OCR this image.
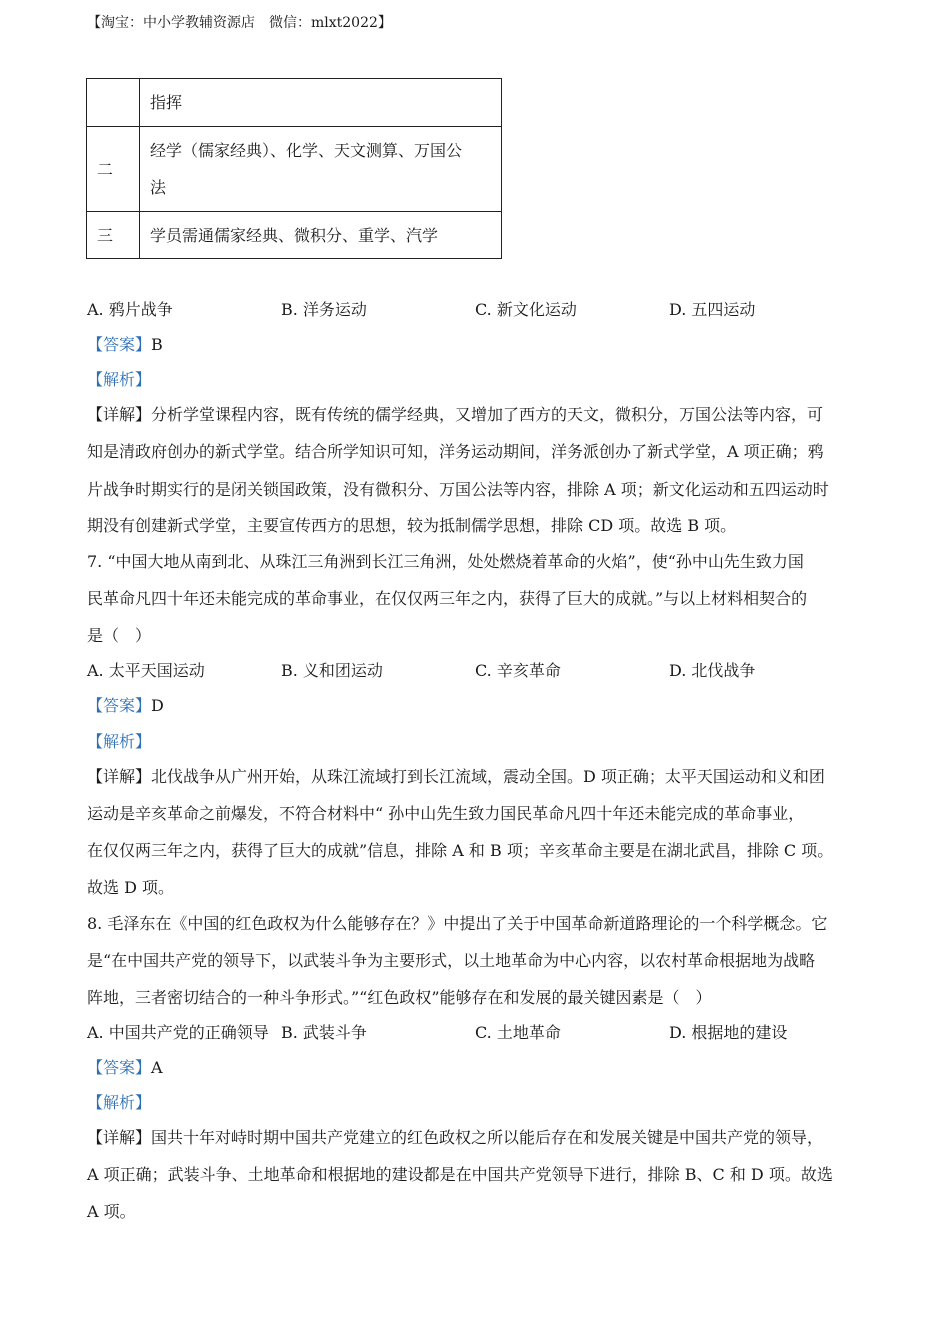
【淘宝：中小学教辅资源店　微信：mlxt2022】
	指挥
二	经学（儒家经典）、化学、天文测算、万国公
法
三	学员需通儒家经典、微积分、重学、汽学
A. 鸦片战争	B. 洋务运动	C. 新文化运动	D. 五四运动
【答案】B
【解析】
【详解】分析学堂课程内容，既有传统的儒学经典，又增加了西方的天文，微积分，万国公法等内容，可
知是清政府创办的新式学堂。结合所学知识可知，洋务运动期间，洋务派创办了新式学堂，A 项正确；鸦
片战争时期实行的是闭关锁国政策，没有微积分、万国公法等内容，排除 A 项；新文化运动和五四运动时
期没有创建新式学堂，主要宣传西方的思想，较为抵制儒学思想，排除 CD 项。故选 B 项。
7. “中国大地从南到北、从珠江三角洲到长江三角洲，处处燃烧着革命的火焰”，使“孙中山先生致力国
民革命凡四十年还未能完成的革命事业，在仅仅两三年之内，获得了巨大的成就。”与以上材料相契合的
是（　）
A. 太平天国运动	B. 义和团运动	C. 辛亥革命	D. 北伐战争
【答案】D
【解析】
【详解】北伐战争从广州开始，从珠江流域打到长江流域，震动全国。D 项正确；太平天国运动和义和团
运动是辛亥革命之前爆发，不符合材料中“ 孙中山先生致力国民革命凡四十年还未能完成的革命事业，
在仅仅两三年之内，获得了巨大的成就”信息，排除 A 和 B 项；辛亥革命主要是在湖北武昌，排除 C 项。
故选 D 项。
8. 毛泽东在《中国的红色政权为什么能够存在？》中提出了关于中国革命新道路理论的一个科学概念。它
是“在中国共产党的领导下，以武装斗争为主要形式，以土地革命为中心内容，以农村革命根据地为战略
阵地，三者密切结合的一种斗争形式。”“红色政权”能够存在和发展的最关键因素是（　）
A. 中国共产党的正确领导 B. 武装斗争	C. 土地革命	D. 根据地的建设
【答案】A
【解析】
【详解】国共十年对峙时期中国共产党建立的红色政权之所以能后存在和发展关键是中国共产党的领导，
A 项正确；武装斗争、土地革命和根据地的建设都是在中国共产党领导下进行，排除 B、C 和 D 项。故选
A 项。
